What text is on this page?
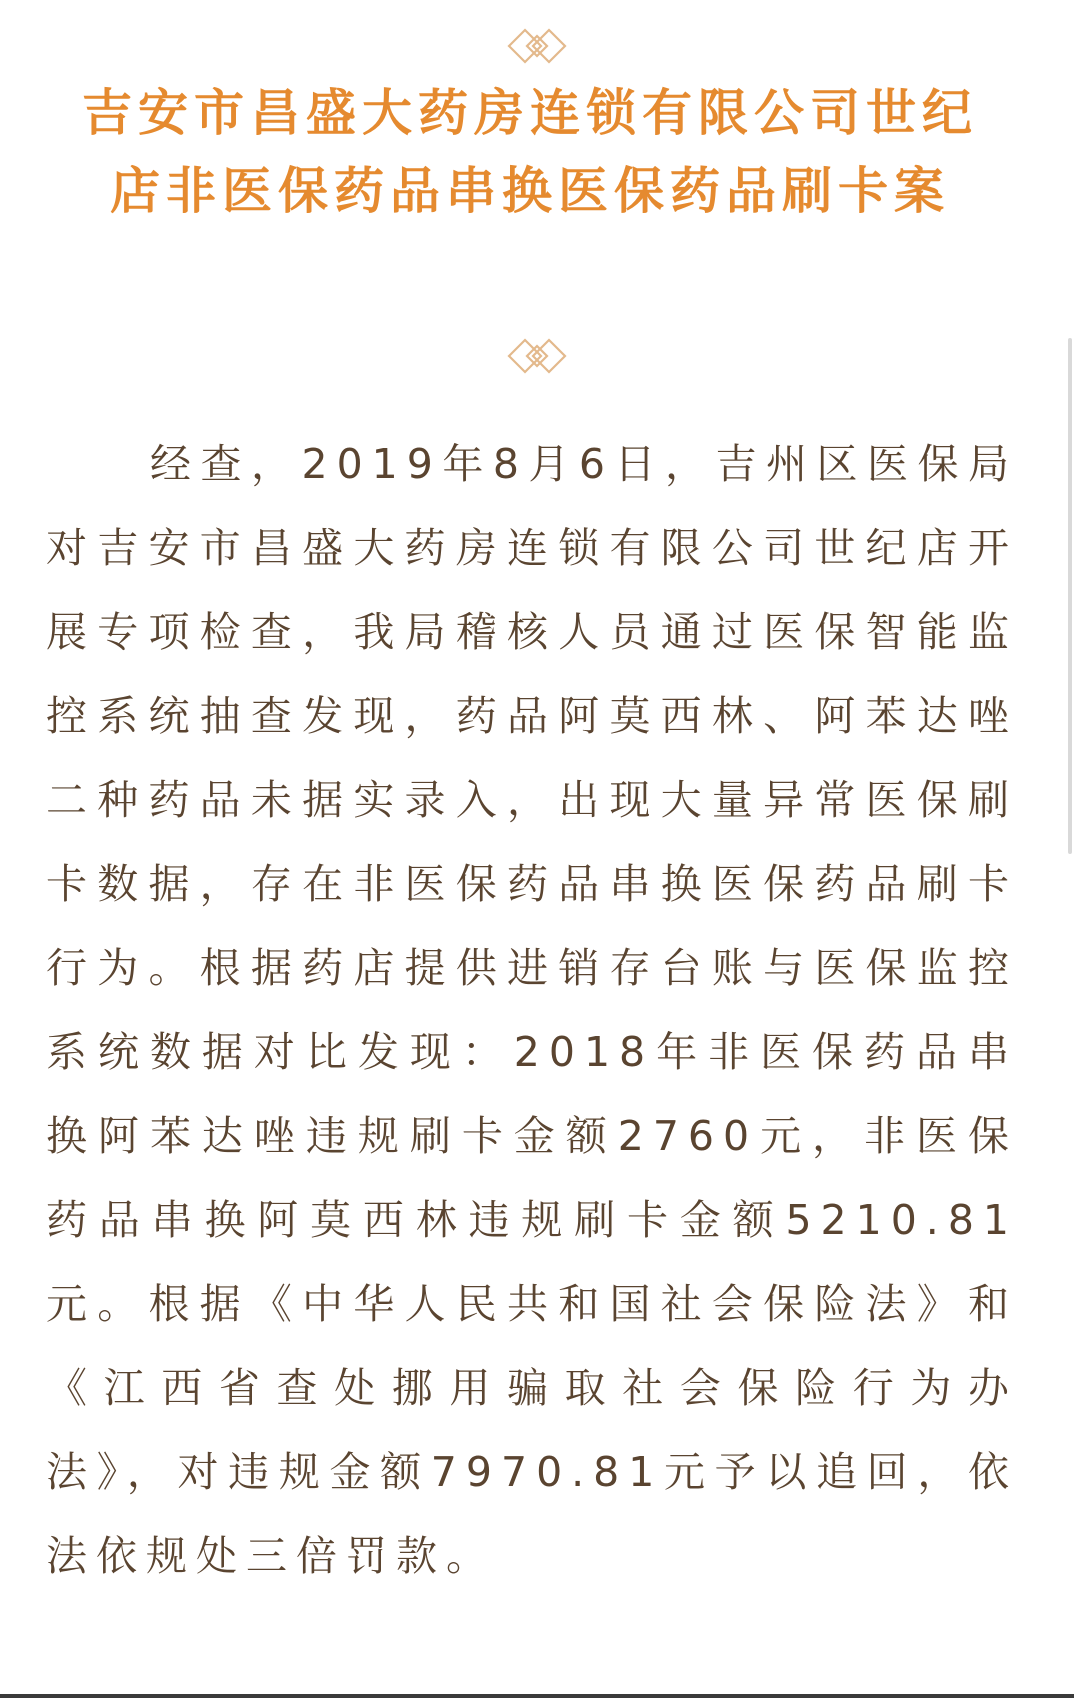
吉安市昌盛大药房连锁有限公司世纪店非医保药品串换医保药品刷卡案

经查，2019年8月6日，吉州区医保局对吉安市昌盛大药房连锁有限公司世纪店开展专项检查，我局稽核人员通过医保智能监控系统抽查发现，药品阿莫西林、阿苯达唑二种药品未据实录入，出现大量异常医保刷卡数据，存在非医保药品串换医保药品刷卡行为。根据药店提供进销存台账与医保监控系统数据对比发现：2018年非医保药品串换阿苯达唑违规刷卡金额2760元，非医保药品串换阿莫西林违规刷卡金额5210.81元。根据《中华人民共和国社会保险法》和《江西省查处挪用骗取社会保险行为办法》，对违规金额7970.81元予以追回，依法依规处三倍罚款。
